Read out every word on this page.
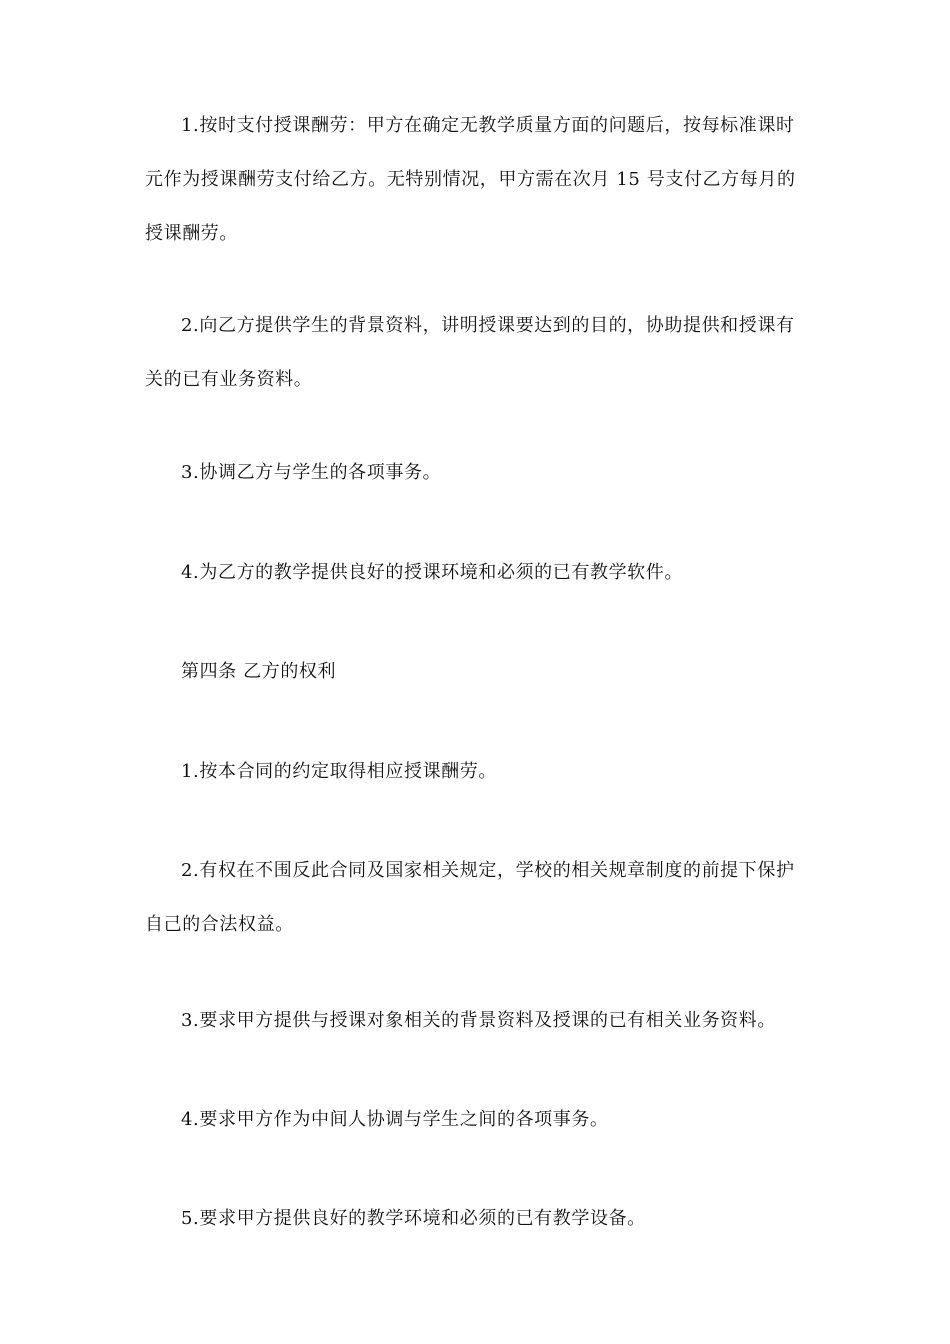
1.按时支付授课酬劳：甲方在确定无教学质量方面的问题后，按每标准课时 元作为授课酬劳支付给乙方。无特别情况，甲方需在次月 15 号支付乙方每月的授课酬劳。

2.向乙方提供学生的背景资料，讲明授课要达到的目的，协助提供和授课有关的已有业务资料。

3.协调乙方与学生的各项事务。

4.为乙方的教学提供良好的授课环境和必须的已有教学软件。

第四条 乙方的权利

1.按本合同的约定取得相应授课酬劳。

2.有权在不围反此合同及国家相关规定，学校的相关规章制度的前提下保护自己的合法权益。

3.要求甲方提供与授课对象相关的背景资料及授课的已有相关业务资料。

4.要求甲方作为中间人协调与学生之间的各项事务。

5.要求甲方提供良好的教学环境和必须的已有教学设备。
